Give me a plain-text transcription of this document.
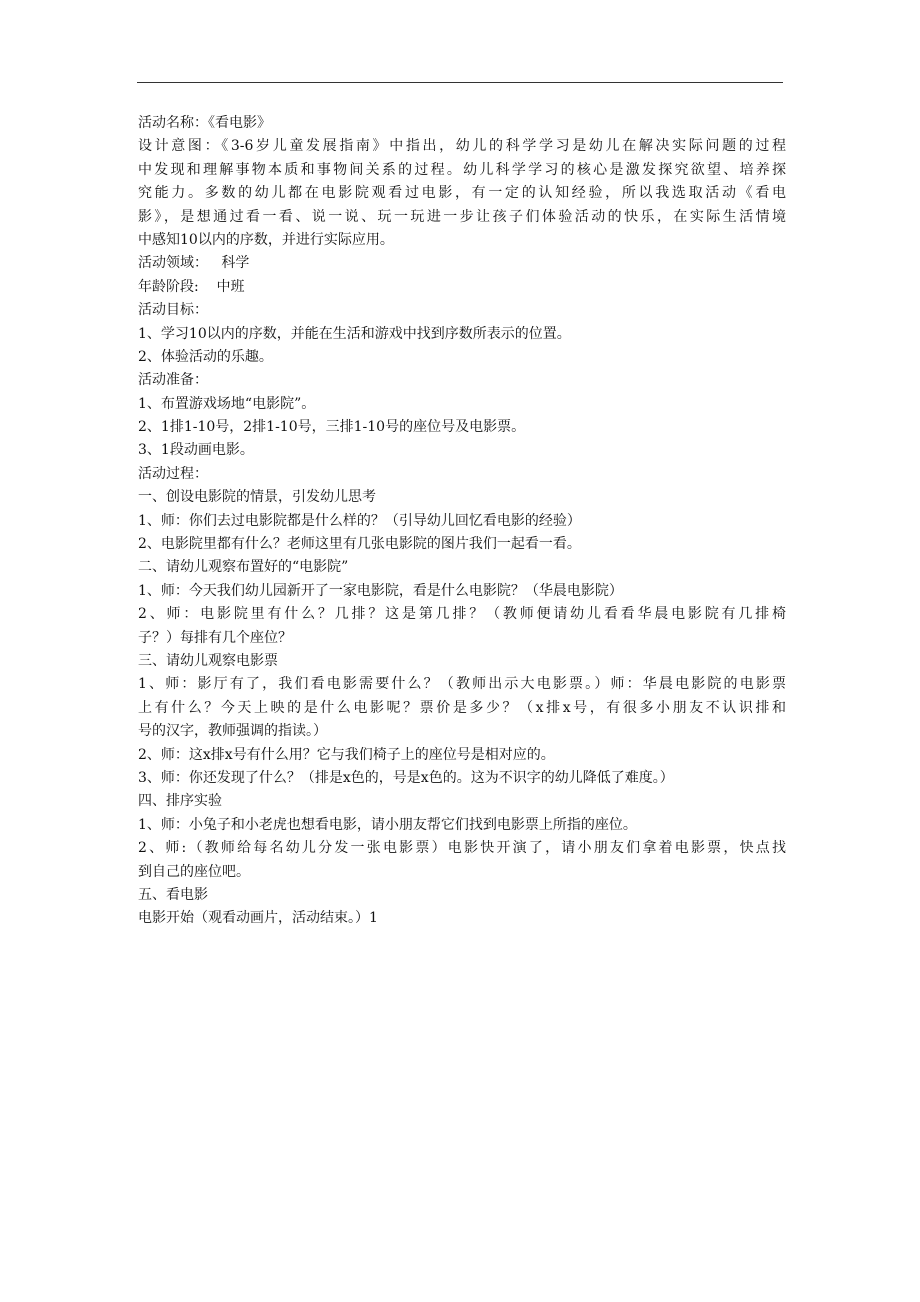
活动名称：《看电影》
设计意图：《3-6岁儿童发展指南》中指出，幼儿的科学学习是幼儿在解决实际问题的过程
中发现和理解事物本质和事物间关系的过程。幼儿科学学习的核心是激发探究欲望、培养探
究能力。多数的幼儿都在电影院观看过电影，有一定的认知经验，所以我选取活动《看电
影》，是想通过看一看、说一说、玩一玩进一步让孩子们体验活动的快乐，在实际生活情境
中感知10以内的序数，并进行实际应用。
活动领域：   科学
年龄阶段:    中班
活动目标：
1、学习10以内的序数，并能在生活和游戏中找到序数所表示的位置。
2、体验活动的乐趣。
活动准备：
1、布置游戏场地“电影院”。
2、1排1-10号，2排1-10号，三排1-10号的座位号及电影票。
3、1段动画电影。
活动过程：
一、创设电影院的情景，引发幼儿思考
1、师：你们去过电影院都是什么样的？（引导幼儿回忆看电影的经验）
2、电影院里都有什么？老师这里有几张电影院的图片我们一起看一看。
二、请幼儿观察布置好的“电影院”
1、师：今天我们幼儿园新开了一家电影院，看是什么电影院？（华晨电影院）
2、师：电影院里有什么？几排？这是第几排？（教师便请幼儿看看华晨电影院有几排椅
子？）每排有几个座位？
三、请幼儿观察电影票
1、师：影厅有了，我们看电影需要什么？（教师出示大电影票。）师：华晨电影院的电影票
上有什么？今天上映的是什么电影呢？票价是多少？（x排x号，有很多小朋友不认识排和
号的汉字，教师强调的指读。）
2、师：这x排x号有什么用？它与我们椅子上的座位号是相对应的。
3、师：你还发现了什么？（排是x色的，号是x色的。这为不识字的幼儿降低了难度。）
四、排序实验
1、师：小兔子和小老虎也想看电影，请小朋友帮它们找到电影票上所指的座位。
2、师:（教师给每名幼儿分发一张电影票）电影快开演了，请小朋友们拿着电影票，快点找
到自己的座位吧。
五、看电影
电影开始（观看动画片，活动结束。）1
